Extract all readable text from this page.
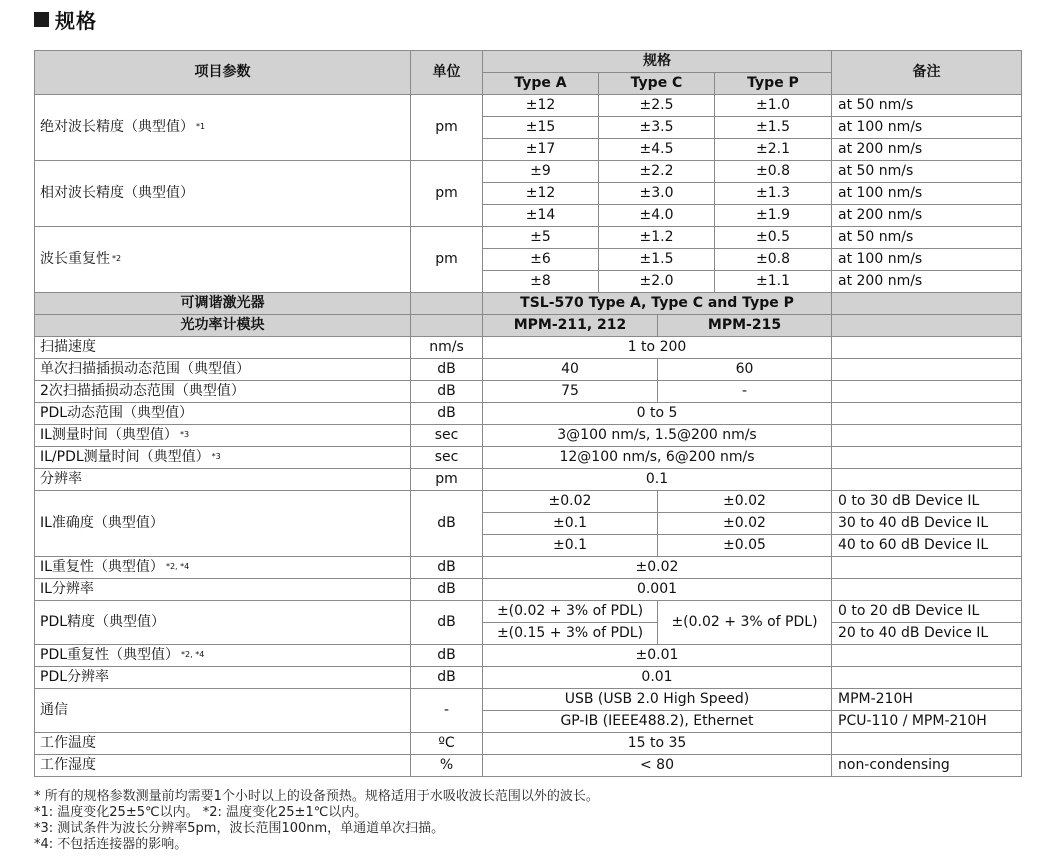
规格
项目参数	单位	规格				备注
		Type A	Type C		Type P	
绝对波长精度（典型值） $^{*1}$	pm	±12	±2.5		±1.0	at 50 nm/s
		±15	±3.5		±1.5	at 100 nm/s
		±17	±4.5		±2.1	at 200 nm/s
相对波长精度（典型值）	pm	±9	±2.2		±0.8	at 50 nm/s
		±12	±3.0		±1.3	at 100 nm/s
		±14	±4.0		±1.9	at 200 nm/s
波长重复性 $^{*2}$	pm	±5	±1.2		±0.5	at 50 nm/s
		±6	±1.5		±0.8	at 100 nm/s
		±8	±2.0		±1.1	at 200 nm/s
可调谐激光器		TSL-570 Type A, Type C and Type P				
光功率计模块		MPM-211, 212		MPM-215		
扫描速度	nm/s	1 to 200				
单次扫描插损动态范围（典型值）	dB	40		60		
2次扫描插损动态范围（典型值）	dB	75		-		
PDL动态范围（典型值）	dB	0 to 5				
IL测量时间（典型值） $^{*3}$	sec	3@100 nm/s, 1.5@200 nm/s				
IL/PDL测量时间（典型值） $^{*3}$	sec	12@100 nm/s, 6@200 nm/s				
分辨率	pm	0.1				
IL准确度（典型值）	dB	±0.02		±0.02		0 to 30 dB Device IL
		±0.1		±0.02		30 to 40 dB Device IL
		±0.1		±0.05		40 to 60 dB Device IL
IL重复性（典型值） $^{*2, *4}$	dB	±0.02				
IL分辨率	dB	0.001				
PDL精度（典型值）	dB	±(0.02 + 3% of PDL)		±(0.02 + 3% of PDL)		0 to 20 dB Device IL
		±(0.15 + 3% of PDL)				20 to 40 dB Device IL
PDL重复性（典型值） $^{*2, *4}$	dB	±0.01				
PDL分辨率	dB	0.01				
通信	-	USB (USB 2.0 High Speed)				MPM-210H
		GP-IB (IEEE488.2), Ethernet				PCU-110 / MPM-210H
工作温度	ºC	15 to 35				
工作湿度	%	< 80				non-condensing
* 所有的规格参数测量前均需要1个小时以上的设备预热。规格适用于水吸收波长范围以外的波长。
*1: 温度变化25±5℃以内。 *2: 温度变化25±1℃以内。
*3: 测试条件为波长分辨率5pm，波长范围100nm，单通道单次扫描。
*4: 不包括连接器的影响。
